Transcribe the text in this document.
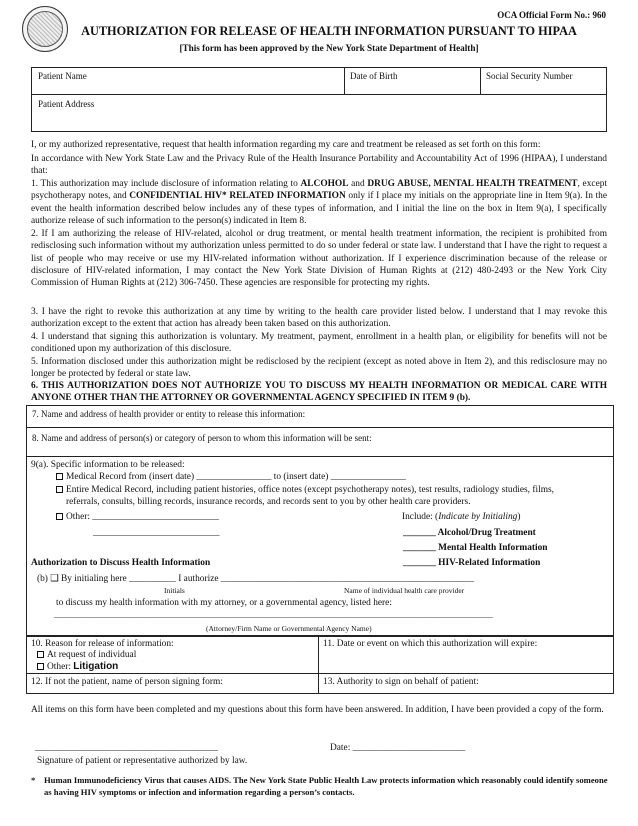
OCA Official Form No.: 960
AUTHORIZATION FOR RELEASE OF HEALTH INFORMATION PURSUANT TO HIPAA
[This form has been approved by the New York State Department of Health]
Patient Name	Date of Birth	Social Security Number
Patient Address
I, or my authorized representative, request that health information regarding my care and treatment be released as set forth on this form:
In accordance with New York State Law and the Privacy Rule of the Health Insurance Portability and Accountability Act of 1996 (HIPAA), I understand that:
1. This authorization may include disclosure of information relating to ALCOHOL and DRUG ABUSE, MENTAL HEALTH TREATMENT, except psychotherapy notes, and CONFIDENTIAL HIV* RELATED INFORMATION only if I place my initials on the appropriate line in Item 9(a). In the event the health information described below includes any of these types of information, and I initial the line on the box in Item 9(a), I specifically authorize release of such information to the person(s) indicated in Item 8.
2. If I am authorizing the release of HIV-related, alcohol or drug treatment, or mental health treatment information, the recipient is prohibited from redisclosing such information without my authorization unless permitted to do so under federal or state law. I understand that I have the right to request a list of people who may receive or use my HIV-related information without authorization. If I experience discrimination because of the release or disclosure of HIV-related information, I may contact the New York State Division of Human Rights at (212) 480-2493 or the New York City Commission of Human Rights at (212) 306-7450. These agencies are responsible for protecting my rights.
3. I have the right to revoke this authorization at any time by writing to the health care provider listed below. I understand that I may revoke this authorization except to the extent that action has already been taken based on this authorization.
4. I understand that signing this authorization is voluntary. My treatment, payment, enrollment in a health plan, or eligibility for benefits will not be conditioned upon my authorization of this disclosure.
5. Information disclosed under this authorization might be redisclosed by the recipient (except as noted above in Item 2), and this redisclosure may no longer be protected by federal or state law.
6. THIS AUTHORIZATION DOES NOT AUTHORIZE YOU TO DISCUSS MY HEALTH INFORMATION OR MEDICAL CARE WITH ANYONE OTHER THAN THE ATTORNEY OR GOVERNMENTAL AGENCY SPECIFIED IN ITEM 9 (b).
7. Name and address of health provider or entity to release this information:
8. Name and address of person(s) or category of person to whom this information will be sent:
9(a). Specific information to be released:
Medical Record from (insert date) ________________ to (insert date) ________________
Entire Medical Record, including patient histories, office notes (except psychotherapy notes), test results, radiology studies, films,
referrals, consults, billing records, insurance records, and records sent to you by other health care providers.
Other: ___________________________
___________________________
Include: (Indicate by Initialing)
_______ Alcohol/Drug Treatment
_______ Mental Health Information
_______ HIV-Related Information
Authorization to Discuss Health Information
(b) ❑ By initialing here __________ I authorize ______________________________________________________
Initials	Name of individual health care provider
to discuss my health information with my attorney, or a governmental agency, listed here:
_____________________________________________________________________________________________________
(Attorney/Firm Name or Governmental Agency Name)
10. Reason for release of information:
At request of individual
Other: Litigation
11. Date or event on which this authorization will expire:
12. If not the patient, name of person signing form:	13. Authority to sign on behalf of patient:
All items on this form have been completed and my questions about this form have been answered. In addition, I have been provided a copy of the form.
_______________________________________	Date: ________________________
Signature of patient or representative authorized by law.
* Human Immunodeficiency Virus that causes AIDS. The New York State Public Health Law protects information which reasonably could identify someone as having HIV symptoms or infection and information regarding a person’s contacts.
